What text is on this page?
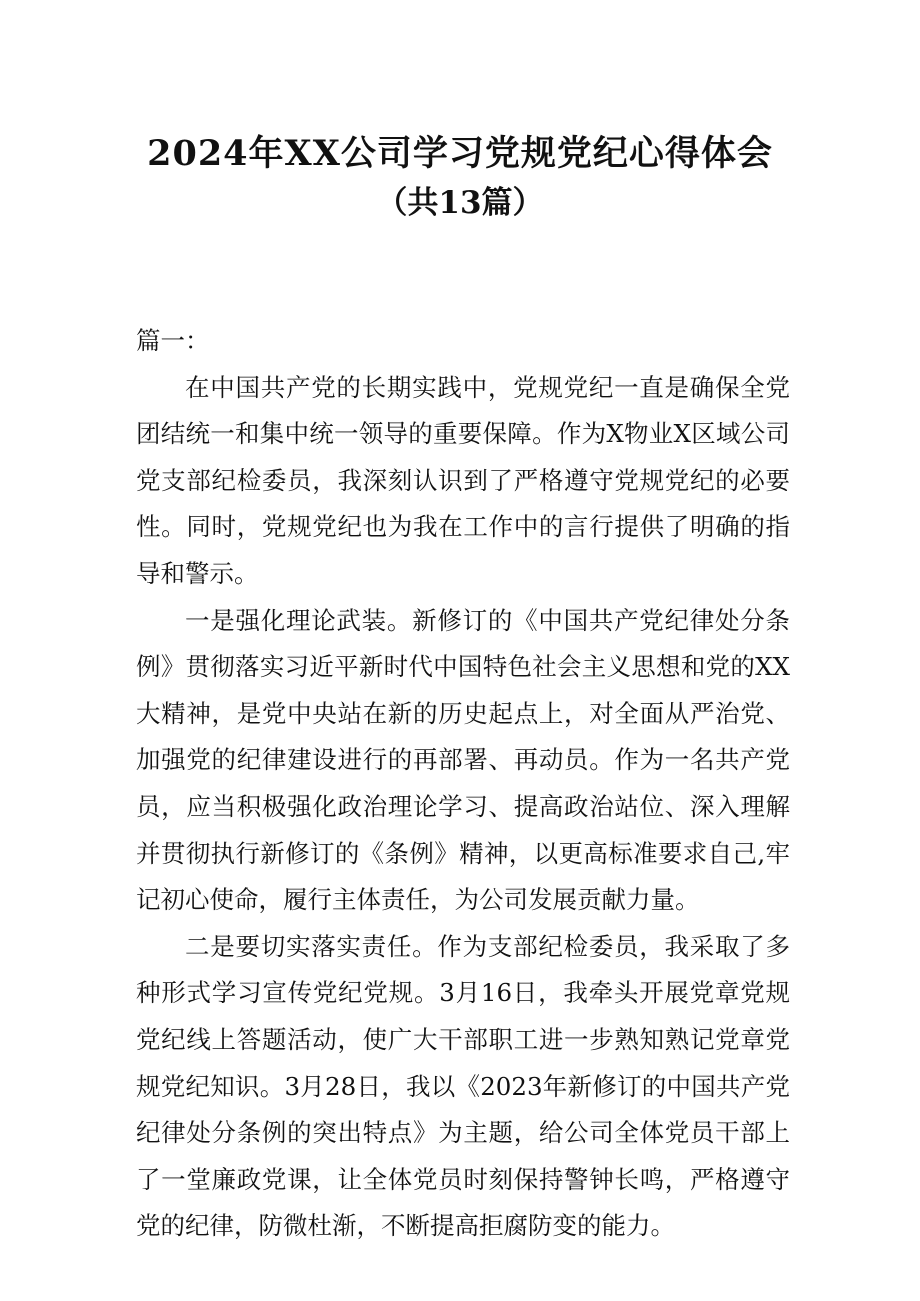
2024年XX公司学习党规党纪心得体会
（共13篇）

篇一：

在中国共产党的长期实践中，党规党纪一直是确保全党团结统一和集中统一领导的重要保障。作为X物业X区域公司党支部纪检委员，我深刻认识到了严格遵守党规党纪的必要性。同时，党规党纪也为我在工作中的言行提供了明确的指导和警示。

一是强化理论武装。新修订的《中国共产党纪律处分条例》贯彻落实习近平新时代中国特色社会主义思想和党的XX大精神，是党中央站在新的历史起点上，对全面从严治党、加强党的纪律建设进行的再部署、再动员。作为一名共产党员，应当积极强化政治理论学习、提高政治站位、深入理解并贯彻执行新修订的《条例》精神，以更高标准要求自己,牢记初心使命，履行主体责任，为公司发展贡献力量。

二是要切实落实责任。作为支部纪检委员，我采取了多种形式学习宣传党纪党规。3月16日，我牵头开展党章党规党纪线上答题活动，使广大干部职工进一步熟知熟记党章党规党纪知识。3月28日，我以《2023年新修订的中国共产党纪律处分条例的突出特点》为主题，给公司全体党员干部上了一堂廉政党课，让全体党员时刻保持警钟长鸣，严格遵守党的纪律，防微杜渐，不断提高拒腐防变的能力。
